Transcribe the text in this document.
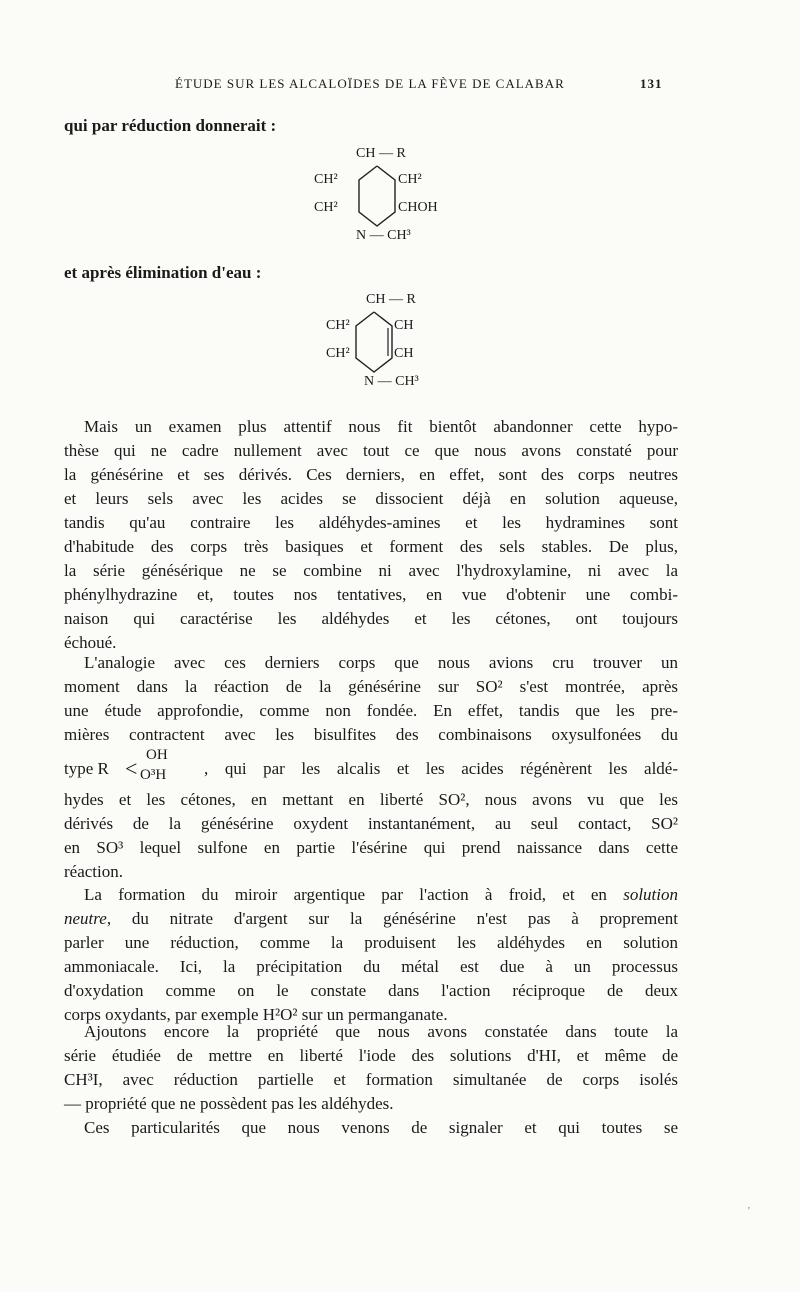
ÉTUDE SUR LES ALCALOÏDES DE LA FÈVE DE CALABAR	131
qui par réduction donnerait :
CH — R
CH²	CH²
CH²	CHOH
N — CH³
et après élimination d'eau :
CH — R
CH²	CH
CH²	CH
N — CH³
Mais un examen plus attentif nous fit bientôt abandonner cette hypo-
thèse qui ne cadre nullement avec tout ce que nous avons constaté pour
la génésérine et ses dérivés. Ces derniers, en effet, sont des corps neutres
et leurs sels avec les acides se dissocient déjà en solution aqueuse,
tandis qu'au contraire les aldéhydes-amines et les hydramines sont
d'habitude des corps très basiques et forment des sels stables. De plus,
la série génésérique ne se combine ni avec l'hydroxylamine, ni avec la
phénylhydrazine et, toutes nos tentatives, en vue d'obtenir une combi-
naison qui caractérise les aldéhydes et les cétones, ont toujours
échoué.
L'analogie avec ces derniers corps que nous avions cru trouver un
moment dans la réaction de la génésérine sur SO² s'est montrée, après
une étude approfondie, comme non fondée. En effet, tandis que les pre-
mières contractent avec les bisulfites des combinaisons oxysulfonées du
type R <
OH
O³H , qui par les alcalis et les acides régénèrent les aldé-
hydes et les cétones, en mettant en liberté SO², nous avons vu que les
dérivés de la génésérine oxydent instantanément, au seul contact, SO²
en SO³ lequel sulfone en partie l'ésérine qui prend naissance dans cette
réaction.
La formation du miroir argentique par l'action à froid, et en solution
neutre, du nitrate d'argent sur la génésérine n'est pas à proprement
parler une réduction, comme la produisent les aldéhydes en solution
ammoniacale. Ici, la précipitation du métal est due à un processus
d'oxydation comme on le constate dans l'action réciproque de deux
corps oxydants, par exemple H²O² sur un permanganate.
Ajoutons encore la propriété que nous avons constatée dans toute la
série étudiée de mettre en liberté l'iode des solutions d'HI, et même de
CH³I, avec réduction partielle et formation simultanée de corps isolés
— propriété que ne possèdent pas les aldéhydes.
Ces particularités que nous venons de signaler et qui toutes se
'
